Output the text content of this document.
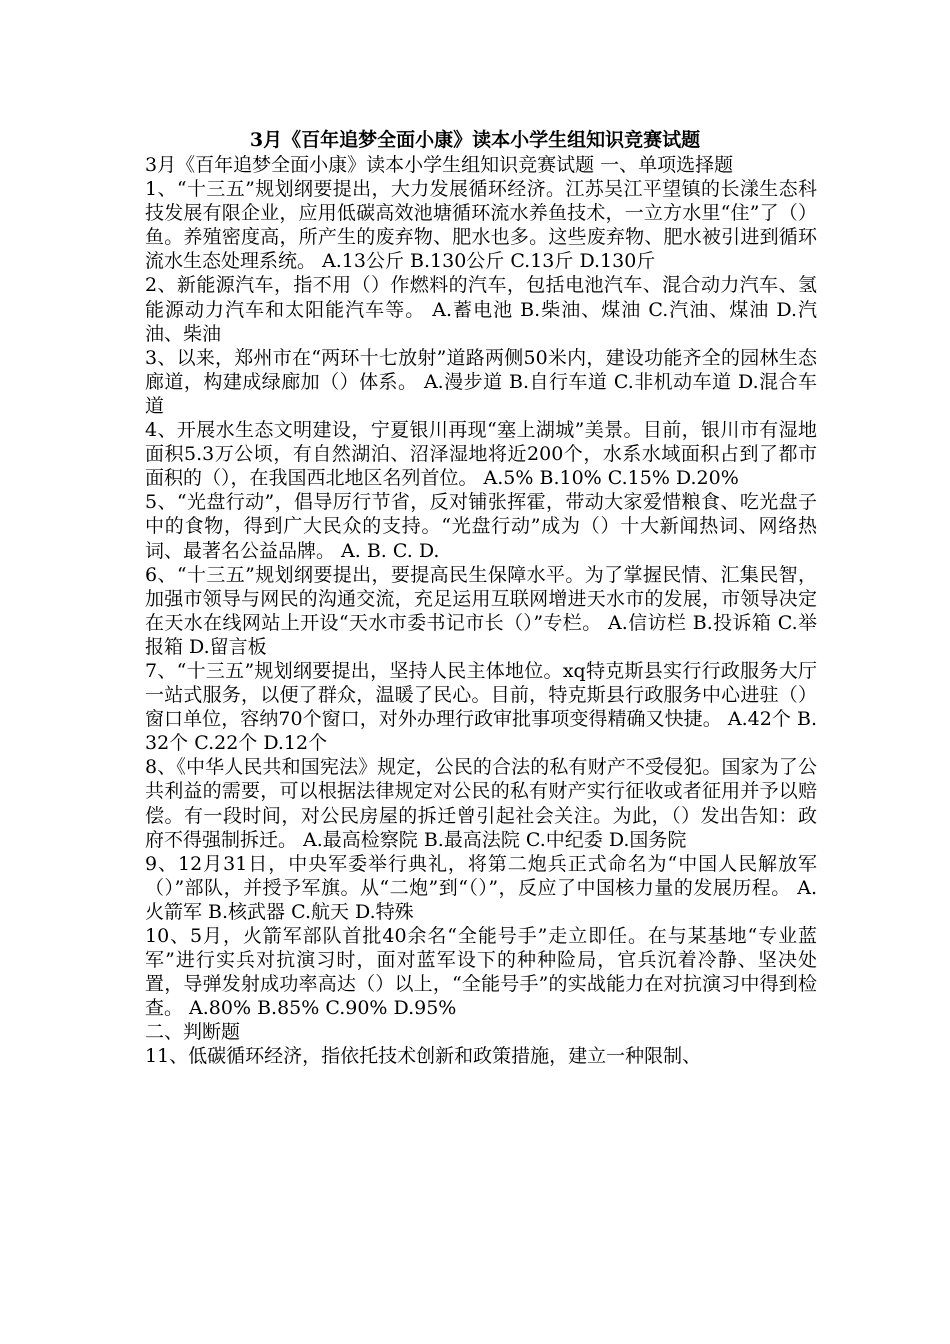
3月《百年追梦全面小康》读本小学生组知识竞赛试题

3月《百年追梦全面小康》读本小学生组知识竞赛试题 一、单项选择题

1、“十三五”规划纲要提出，大力发展循环经济。江苏吴江平望镇的长漾生态科技发展有限企业，应用低碳高效池塘循环流水养鱼技术，一立方水里“住”了（）鱼。养殖密度高，所产生的废弃物、肥水也多。这些废弃物、肥水被引进到循环流水生态处理系统。 A.13公斤 B.130公斤 C.13斤 D.130斤

2、新能源汽车，指不用（）作燃料的汽车，包括电池汽车、混合动力汽车、氢能源动力汽车和太阳能汽车等。 A.蓄电池 B.柴油、煤油 C.汽油、煤油 D.汽油、柴油

3、以来，郑州市在“两环十七放射”道路两侧50米内，建设功能齐全的园林生态廊道，构建成绿廊加（）体系。 A.漫步道 B.自行车道 C.非机动车道 D.混合车道

4、开展水生态文明建设，宁夏银川再现“塞上湖城”美景。目前，银川市有湿地面积5.3万公顷，有自然湖泊、沼泽湿地将近200个，水系水域面积占到了都市面积的（），在我国西北地区名列首位。 A.5% B.10% C.15% D.20%

5、“光盘行动”，倡导厉行节省，反对铺张挥霍，带动大家爱惜粮食、吃光盘子中的食物，得到广大民众的支持。“光盘行动”成为（）十大新闻热词、网络热词、最著名公益品牌。 A. B. C. D.

6、“十三五”规划纲要提出，要提高民生保障水平。为了掌握民情、汇集民智，加强市领导与网民的沟通交流，充足运用互联网增进天水市的发展，市领导决定在天水在线网站上开设“天水市委书记市长（）”专栏。 A.信访栏 B.投诉箱 C.举报箱 D.留言板

7、“十三五”规划纲要提出，坚持人民主体地位。xq特克斯县实行行政服务大厅一站式服务，以便了群众，温暖了民心。目前，特克斯县行政服务中心进驻（）窗口单位，容纳70个窗口，对外办理行政审批事项变得精确又快捷。 A.42个 B.32个 C.22个 D.12个

8、《中华人民共和国宪法》规定，公民的合法的私有财产不受侵犯。国家为了公共利益的需要，可以根据法律规定对公民的私有财产实行征收或者征用并予以赔偿。有一段时间，对公民房屋的拆迁曾引起社会关注。为此，（）发出告知：政府不得强制拆迁。 A.最高检察院 B.最高法院 C.中纪委 D.国务院

9、12月31日，中央军委举行典礼，将第二炮兵正式命名为“中国人民解放军（）”部队，并授予军旗。从“二炮”到“（）”，反应了中国核力量的发展历程。 A.火箭军 B.核武器 C.航天 D.特殊

10、5月，火箭军部队首批40余名“全能号手”走立即任。在与某基地“专业蓝军”进行实兵对抗演习时，面对蓝军设下的种种险局，官兵沉着冷静、坚决处置，导弹发射成功率高达（）以上，“全能号手”的实战能力在对抗演习中得到检查。 A.80% B.85% C.90% D.95%

二、判断题

11、低碳循环经济，指依托技术创新和政策措施，建立一种限制、
